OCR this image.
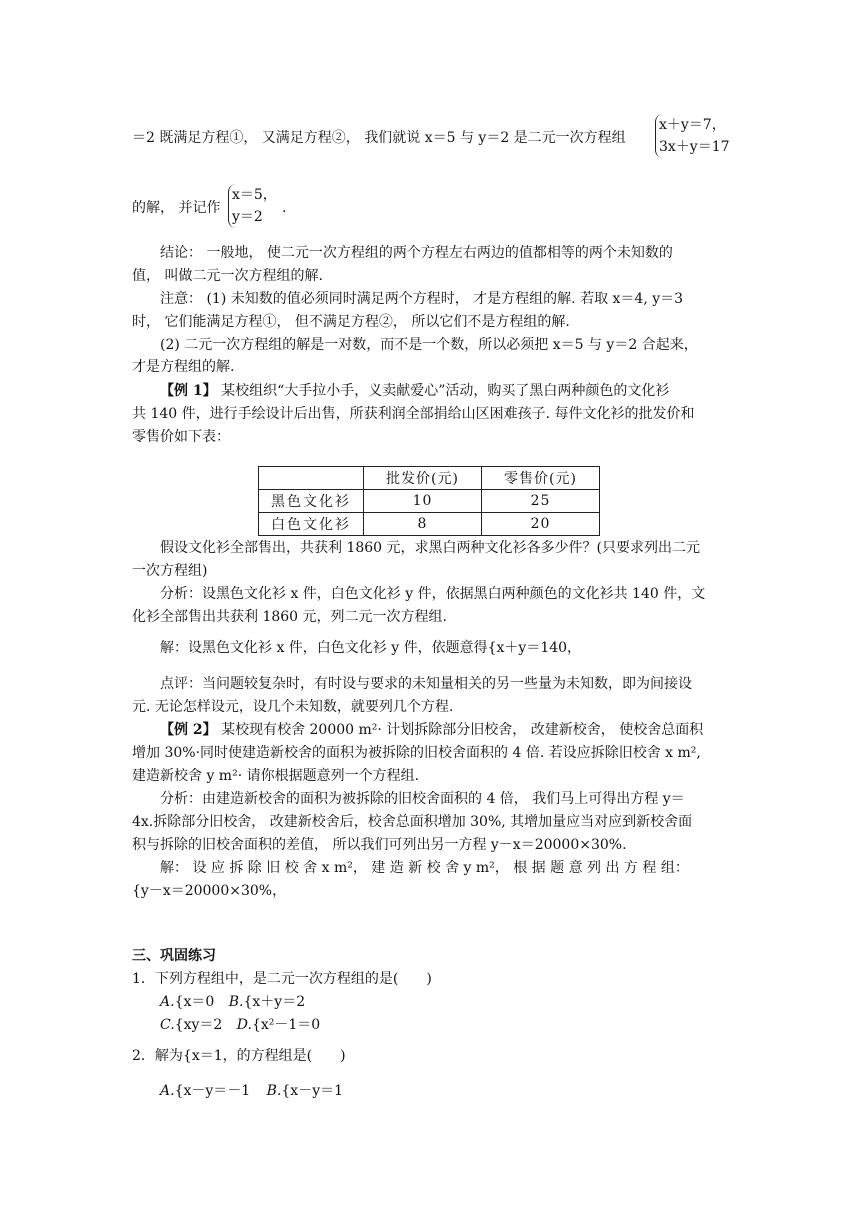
＝2 既满足方程①， 又满足方程②， 我们就说 x＝5 与 y＝2 是二元一次方程组
x＋y＝7，
3x＋y＝17
的解， 并记作
x＝5，
y＝2
.
结论： 一般地， 使二元一次方程组的两个方程左右两边的值都相等的两个未知数的
值， 叫做二元一次方程组的解.
注意： (1) 未知数的值必须同时满足两个方程时， 才是方程组的解. 若取 x＝4, y＝3
时， 它们能满足方程①， 但不满足方程②， 所以它们不是方程组的解.
(2) 二元一次方程组的解是一对数，而不是一个数，所以必须把 x＝5 与 y＝2 合起来，
才是方程组的解.
【例 1】 某校组织“大手拉小手，义卖献爱心”活动，购买了黑白两种颜色的文化衫
共 140 件，进行手绘设计后出售，所获利润全部捐给山区困难孩子. 每件文化衫的批发价和
零售价如下表：
	批发价(元)	零售价(元)
黑色文化衫	10	25
白色文化衫	8	20
假设文化衫全部售出，共获利 1860 元，求黑白两种文化衫各多少件？(只要求列出二元
一次方程组)
分析：设黑色文化衫 x 件，白色文化衫 y 件，依据黑白两种颜色的文化衫共 140 件，文
化衫全部售出共获利 1860 元，列二元一次方程组.
解：设黑色文化衫 x 件，白色文化衫 y 件，依题意得{x＋y＝140，
点评：当问题较复杂时，有时设与要求的未知量相关的另一些量为未知数，即为间接设
元. 无论怎样设元，设几个未知数，就要列几个方程.
【例 2】 某校现有校舍 20000 m²· 计划拆除部分旧校舍， 改建新校舍， 使校舍总面积
增加 30%·同时使建造新校舍的面积为被拆除的旧校舍面积的 4 倍. 若设应拆除旧校舍 x m²,
建造新校舍 y m²· 请你根据题意列一个方程组.
分析：由建造新校舍的面积为被拆除的旧校舍面积的 4 倍， 我们马上可得出方程 y＝
4x.拆除部分旧校舍， 改建新校舍后，校舍总面积增加 30%, 其增加量应当对应到新校舍面
积与拆除的旧校舍面积的差值， 所以我们可列出另一方程 y－x＝20000×30%.
解： 设 应 拆 除 旧 校 舍 x m²， 建 造 新 校 舍 y m²， 根 据 题 意 列 出 方 程 组：
{y－x＝20000×30%，
三、巩固练习
1．下列方程组中，是二元一次方程组的是(　　)
A.{x＝0 B.{x＋y＝2
C.{xy＝2 D.{x²－1＝0
2．解为{x＝1，的方程组是(　　)
A.{x－y＝－1 B.{x－y＝1
